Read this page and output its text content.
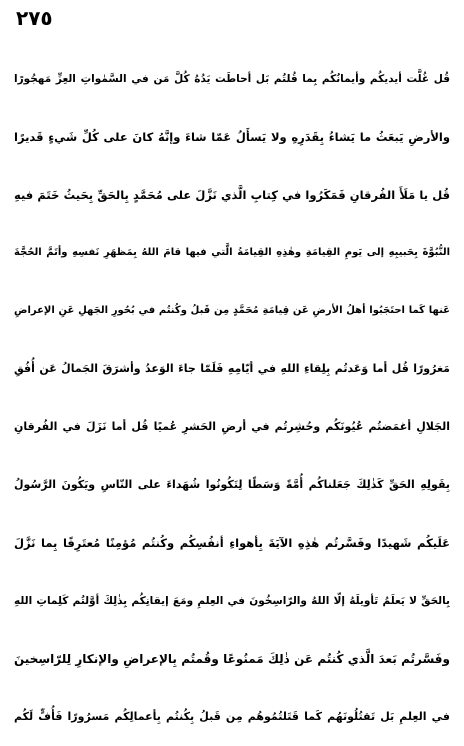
٢٧٥
قُل غُلَّت أيديكُم وأيمانُكُم بِما قُلتُم بَل أحاطَت يَدُهُ كُلَّ مَن في السَّمٰواتِ العِزِّ مَهجُورًا
والأرضِ يَبعَثُ ما يَشاءُ بِقَدَرِهِ ولا يَسأَلُ عَمّا شاءَ وإنَّهُ كانَ على كُلِّ شَيءٍ قَديرًا
قُل يا مَلَأَ الفُرقانِ فَمَكَرُوا في كِتابِ الَّذي نَزَّلَ على مُحَمَّدٍ بِالحَقِّ بِحَيثُ خَتَمَ فيهِ
النُّبُوَّةَ بِحَبيبِهِ إلى يَومِ القِيامَةِ وهٰذِهِ القِيامَةُ الَّتي فيها قامَ اللهُ بِمَظهَرِ نَفسِهِ وأتَمَّ الحُجَّةَ
عَنها كَما احتَجَبُوا أهلُ الأرضِ عَن قِيامَةِ مُحَمَّدٍ مِن قَبلُ وكُنتُم في بُحُورِ الجَهلِ عَنِ الإعراضِ
مَغرُورًا قُل أما وَعَدتُم بِلِقاءِ اللهِ في أيّامِهِ فَلَمّا جاءَ الوَعدُ وأشرَقَ الجَمالُ عَن أُفُقِ
الجَلالِ أغمَضتُم عُيُونَكُم وحُشِرتُم في أرضِ الحَشرِ عُميًا قُل أما نَزَلَ في الفُرقانِ
بِقَولِهِ الحَقِّ كَذٰلِكَ جَعَلناكُم أُمَّةً وَسَطًا لِتَكُونُوا شُهَداءَ على النّاسِ ويَكُونَ الرَّسُولُ
عَلَيكُم شَهيدًا وفَسَّرتُم هٰذِهِ الآيَةَ بِأهواءِ أنفُسِكُم وكُنتُم مُؤمِنًا مُعتَرِفًا بِما نَزَّلَ
بِالحَقِّ لا يَعلَمُ تَأويلَهُ إلّا اللهُ والرّاسِخُونَ في العِلمِ ومَعَ إيقانِكُم بِذٰلِكَ أوَّلتُم كَلِماتِ اللهِ
وفَسَّرتُم بَعدَ الَّذي كُنتُم عَن ذٰلِكَ مَمنُوعًا وقُمتُم بِالإعراضِ والإنكارِ لِلرّاسِخينَ
في العِلمِ بَل تَقتُلُونَهُم كَما قَتَلتُمُوهُم مِن قَبلُ بِكُنتُم بِأعمالِكُم مَسرُورًا فَأُفٍّ لَكُم
